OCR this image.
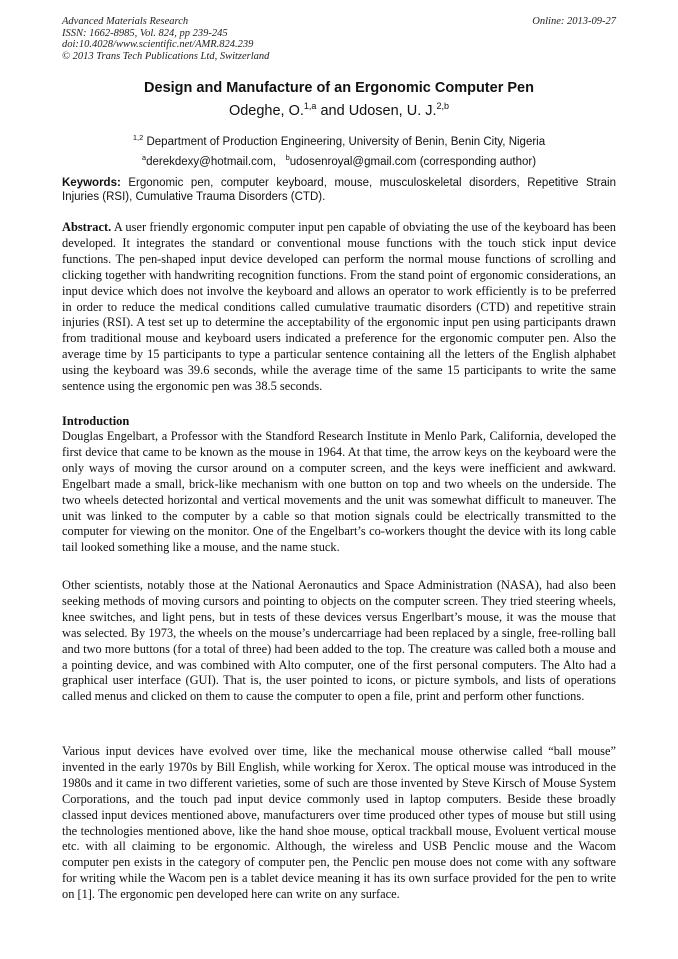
Advanced Materials Research
ISSN: 1662-8985, Vol. 824, pp 239-245
doi:10.4028/www.scientific.net/AMR.824.239
© 2013 Trans Tech Publications Ltd, Switzerland
Online: 2013-09-27
Design and Manufacture of an Ergonomic Computer Pen
Odeghe, O.$^{1,a}$ and Udosen, U. J.$^{2,b}$
$^{1,2}$ Department of Production Engineering, University of Benin, Benin City, Nigeria
$^a$derekdexy@hotmail.com, $^b$udosenroyal@gmail.com (corresponding author)
Keywords: Ergonomic pen, computer keyboard, mouse, musculoskeletal disorders, Repetitive Strain Injuries (RSI), Cumulative Trauma Disorders (CTD).
Abstract. A user friendly ergonomic computer input pen capable of obviating the use of the keyboard has been developed. It integrates the standard or conventional mouse functions with the touch stick input device functions. The pen-shaped input device developed can perform the normal mouse functions of scrolling and clicking together with handwriting recognition functions. From the stand point of ergonomic considerations, an input device which does not involve the keyboard and allows an operator to work efficiently is to be preferred in order to reduce the medical conditions called cumulative traumatic disorders (CTD) and repetitive strain injuries (RSI). A test set up to determine the acceptability of the ergonomic input pen using participants drawn from traditional mouse and keyboard users indicated a preference for the ergonomic computer pen. Also the average time by 15 participants to type a particular sentence containing all the letters of the English alphabet using the keyboard was 39.6 seconds, while the average time of the same 15 participants to write the same sentence using the ergonomic pen was 38.5 seconds.
Introduction
Douglas Engelbart, a Professor with the Standford Research Institute in Menlo Park, California, developed the first device that came to be known as the mouse in 1964. At that time, the arrow keys on the keyboard were the only ways of moving the cursor around on a computer screen, and the keys were inefficient and awkward. Engelbart made a small, brick-like mechanism with one button on top and two wheels on the underside. The two wheels detected horizontal and vertical movements and the unit was somewhat difficult to maneuver. The unit was linked to the computer by a cable so that motion signals could be electrically transmitted to the computer for viewing on the monitor. One of the Engelbart’s co-workers thought the device with its long cable tail looked something like a mouse, and the name stuck.
Other scientists, notably those at the National Aeronautics and Space Administration (NASA), had also been seeking methods of moving cursors and pointing to objects on the computer screen. They tried steering wheels, knee switches, and light pens, but in tests of these devices versus Engerlbart’s mouse, it was the mouse that was selected. By 1973, the wheels on the mouse’s undercarriage had been replaced by a single, free-rolling ball and two more buttons (for a total of three) had been added to the top. The creature was called both a mouse and a pointing device, and was combined with Alto computer, one of the first personal computers. The Alto had a graphical user interface (GUI). That is, the user pointed to icons, or picture symbols, and lists of operations called menus and clicked on them to cause the computer to open a file, print and perform other functions.
Various input devices have evolved over time, like the mechanical mouse otherwise called “ball mouse” invented in the early 1970s by Bill English, while working for Xerox. The optical mouse was introduced in the 1980s and it came in two different varieties, some of such are those invented by Steve Kirsch of Mouse System Corporations, and the touch pad input device commonly used in laptop computers. Beside these broadly classed input devices mentioned above, manufacturers over time produced other types of mouse but still using the technologies mentioned above, like the hand shoe mouse, optical trackball mouse, Evoluent vertical mouse etc. with all claiming to be ergonomic. Although, the wireless and USB Penclic mouse and the Wacom computer pen exists in the category of computer pen, the Penclic pen mouse does not come with any software for writing while the Wacom pen is a tablet device meaning it has its own surface provided for the pen to write on [1]. The ergonomic pen developed here can write on any surface.
